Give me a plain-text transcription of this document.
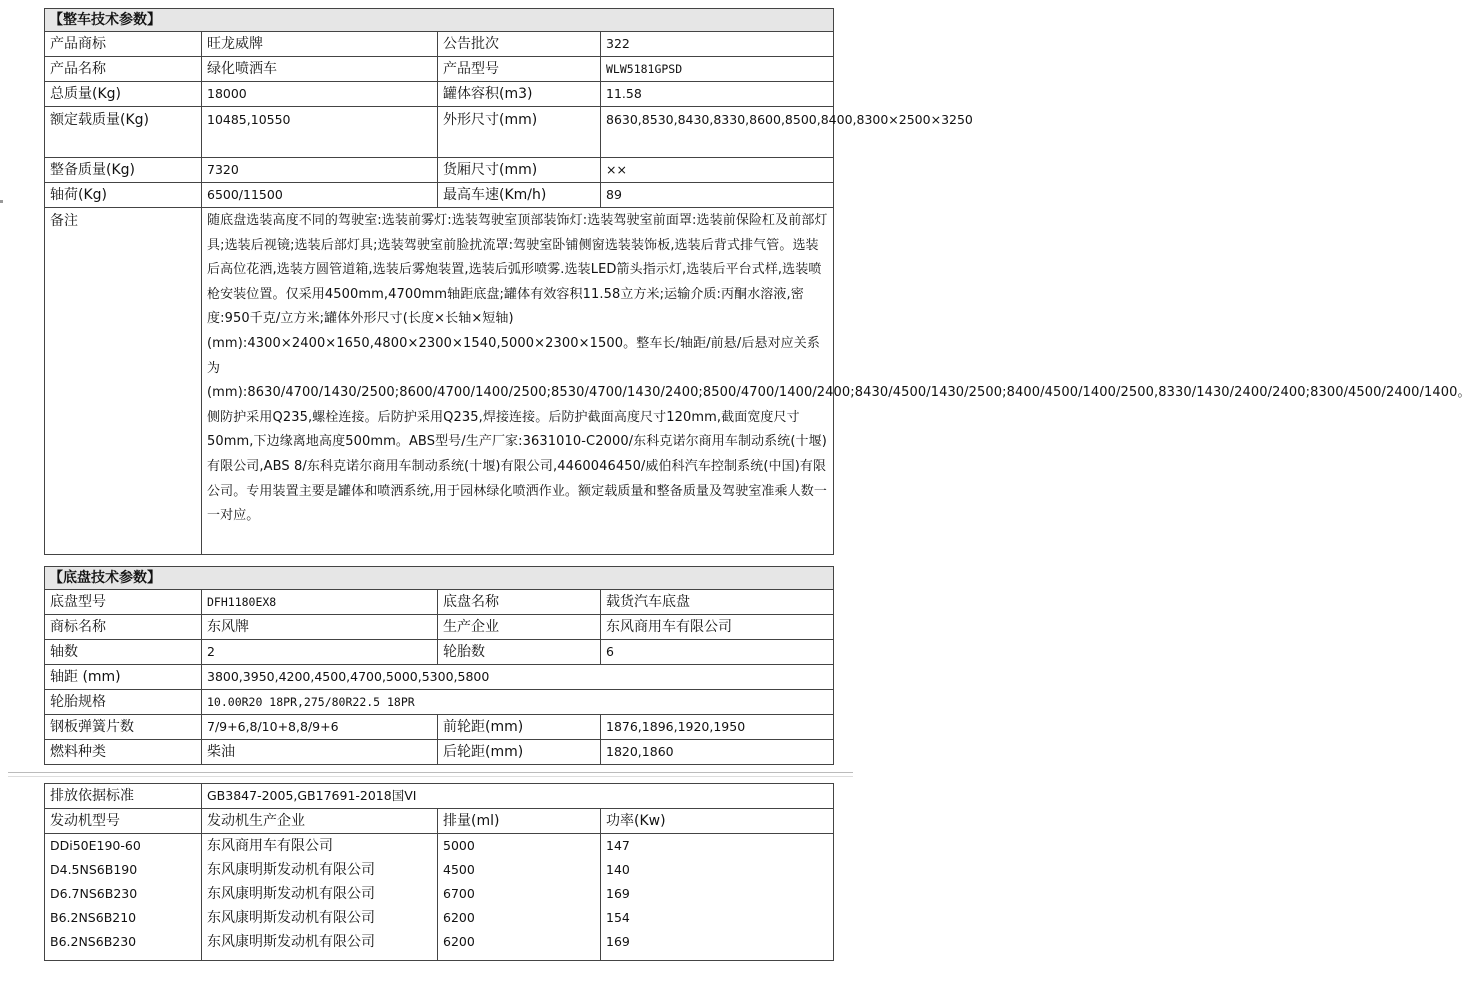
【整车技术参数】			
产品商标	旺龙威牌	公告批次	322
产品名称	绿化喷洒车	产品型号	WLW5181GPSD
总质量(Kg)	18000	罐体容积(m3)	11.58
额定载质量(Kg)	10485,10550	外形尺寸(mm)	8630,8530,8430,8330,8600,8500,8400,8300×2500×3250
整备质量(Kg)	7320	货厢尺寸(mm)	××
轴荷(Kg)	6500/11500	最高车速(Km/h)	89
备注	随底盘选装高度不同的驾驶室:选装前雾灯:选装驾驶室顶部装饰灯:选装驾驶室前面罩:选装前保险杠及前部灯具;选装后视镜;选装后部灯具;选装驾驶室前脸扰流罩:驾驶室卧铺侧窗选装装饰板,选装后背式排气管。选装后高位花洒,选装方圆管道箱,选装后雾炮装置,选装后弧形喷雾.选装LED箭头指示灯,选装后平台式样,选装喷枪安装位置。仅采用4500mm,4700mm轴距底盘;罐体有效容积11.58立方米;运输介质:丙酮水溶液,密度:950千克/立方米;罐体外形尺寸(长度×长轴×短轴)(mm):4300×2400×1650,4800×2300×1540,5000×2300×1500。整车长/轴距/前悬/后悬对应关系为(mm):8630/4700/1430/2500;8600/4700/1400/2500;8530/4700/1430/2400;8500/4700/1400/2400;8430/4500/1430/2500;8400/4500/1400/2500,8330/1430/2400/2400;8300/4500/2400/1400。侧防护采用Q235,螺栓连接。后防护采用Q235,焊接连接。后防护截面高度尺寸120mm,截面宽度尺寸50mm,下边缘离地高度500mm。ABS型号/生产厂家:3631010-C2000/东科克诺尔商用车制动系统(十堰)有限公司,ABS 8/东科克诺尔商用车制动系统(十堰)有限公司,4460046450/威伯科汽车控制系统(中国)有限公司。专用装置主要是罐体和喷洒系统,用于园林绿化喷洒作业。额定载质量和整备质量及驾驶室准乘人数一一对应。		
【底盘技术参数】			
底盘型号	DFH1180EX8	底盘名称	载货汽车底盘
商标名称	东风牌	生产企业	东风商用车有限公司
轴数	2	轮胎数	6
轴距 (mm)	3800,3950,4200,4500,4700,5000,5300,5800		
轮胎规格	10.00R20 18PR,275/80R22.5 18PR		
钢板弹簧片数	7/9+6,8/10+8,8/9+6	前轮距(mm)	1876,1896,1920,1950
燃料种类	柴油	后轮距(mm)	1820,1860
排放依据标准	GB3847-2005,GB17691-2018国VI		
发动机型号	发动机生产企业	排量(ml)	功率(Kw)
DDi50E190-60	东风商用车有限公司	5000	147
D4.5NS6B190	东风康明斯发动机有限公司	4500	140
D6.7NS6B230	东风康明斯发动机有限公司	6700	169
B6.2NS6B210	东风康明斯发动机有限公司	6200	154
B6.2NS6B230	东风康明斯发动机有限公司	6200	169
